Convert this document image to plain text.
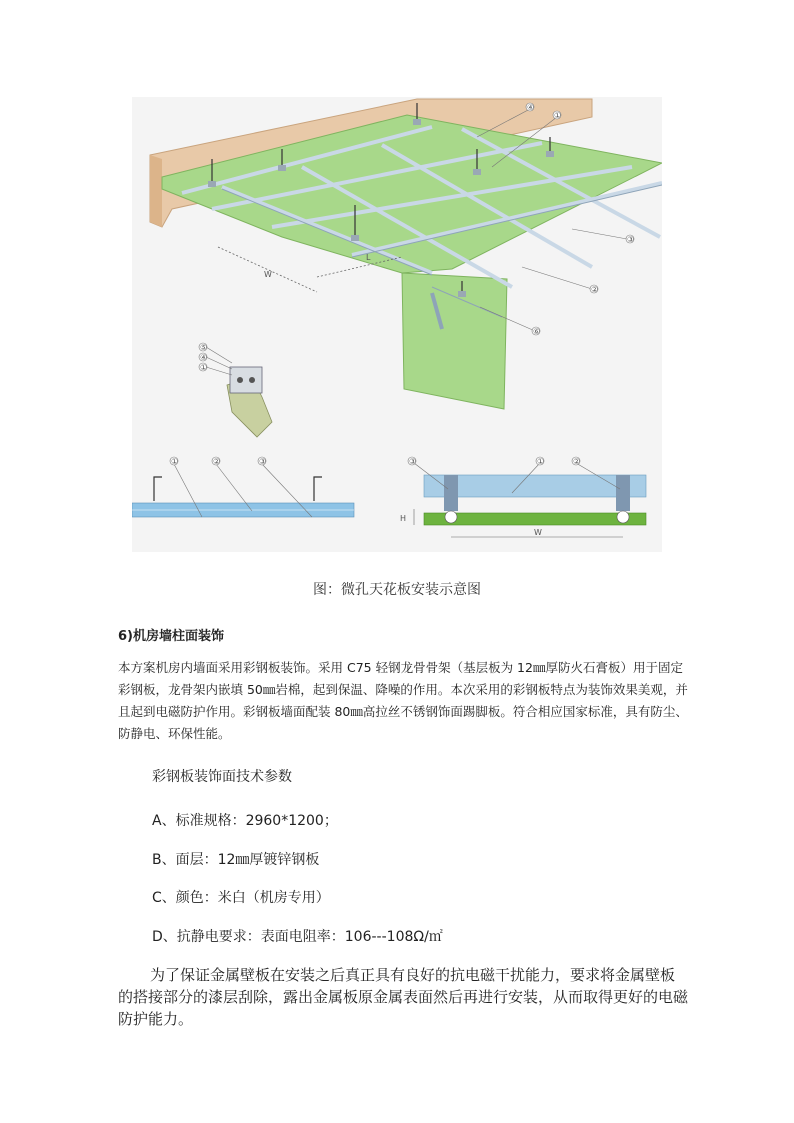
W
L
④
①
③
②
⑥
⑤
④
①
①	②	③	③	①	②
H
W
图：微孔天花板安装示意图
6)机房墙柱面装饰
本方案机房内墙面采用彩钢板装饰。采用 C75 轻钢龙骨骨架（基层板为 12㎜厚防火石膏板）用于固定彩钢板，龙骨架内嵌填 50㎜岩棉，起到保温、降噪的作用。本次采用的彩钢板特点为装饰效果美观，并且起到电磁防护作用。彩钢板墙面配装 80㎜高拉丝不锈钢饰面踢脚板。符合相应国家标准，具有防尘、防静电、环保性能。
彩钢板装饰面技术参数
A、标准规格：2960*1200；
B、面层：12㎜厚镀锌钢板
C、颜色：米白（机房专用）
D、抗静电要求：表面电阻率：106---108Ω/㎡
为了保证金属壁板在安装之后真正具有良好的抗电磁干扰能力，要求将金属壁板的搭接部分的漆层刮除，露出金属板原金属表面然后再进行安装，从而取得更好的电磁防护能力。
